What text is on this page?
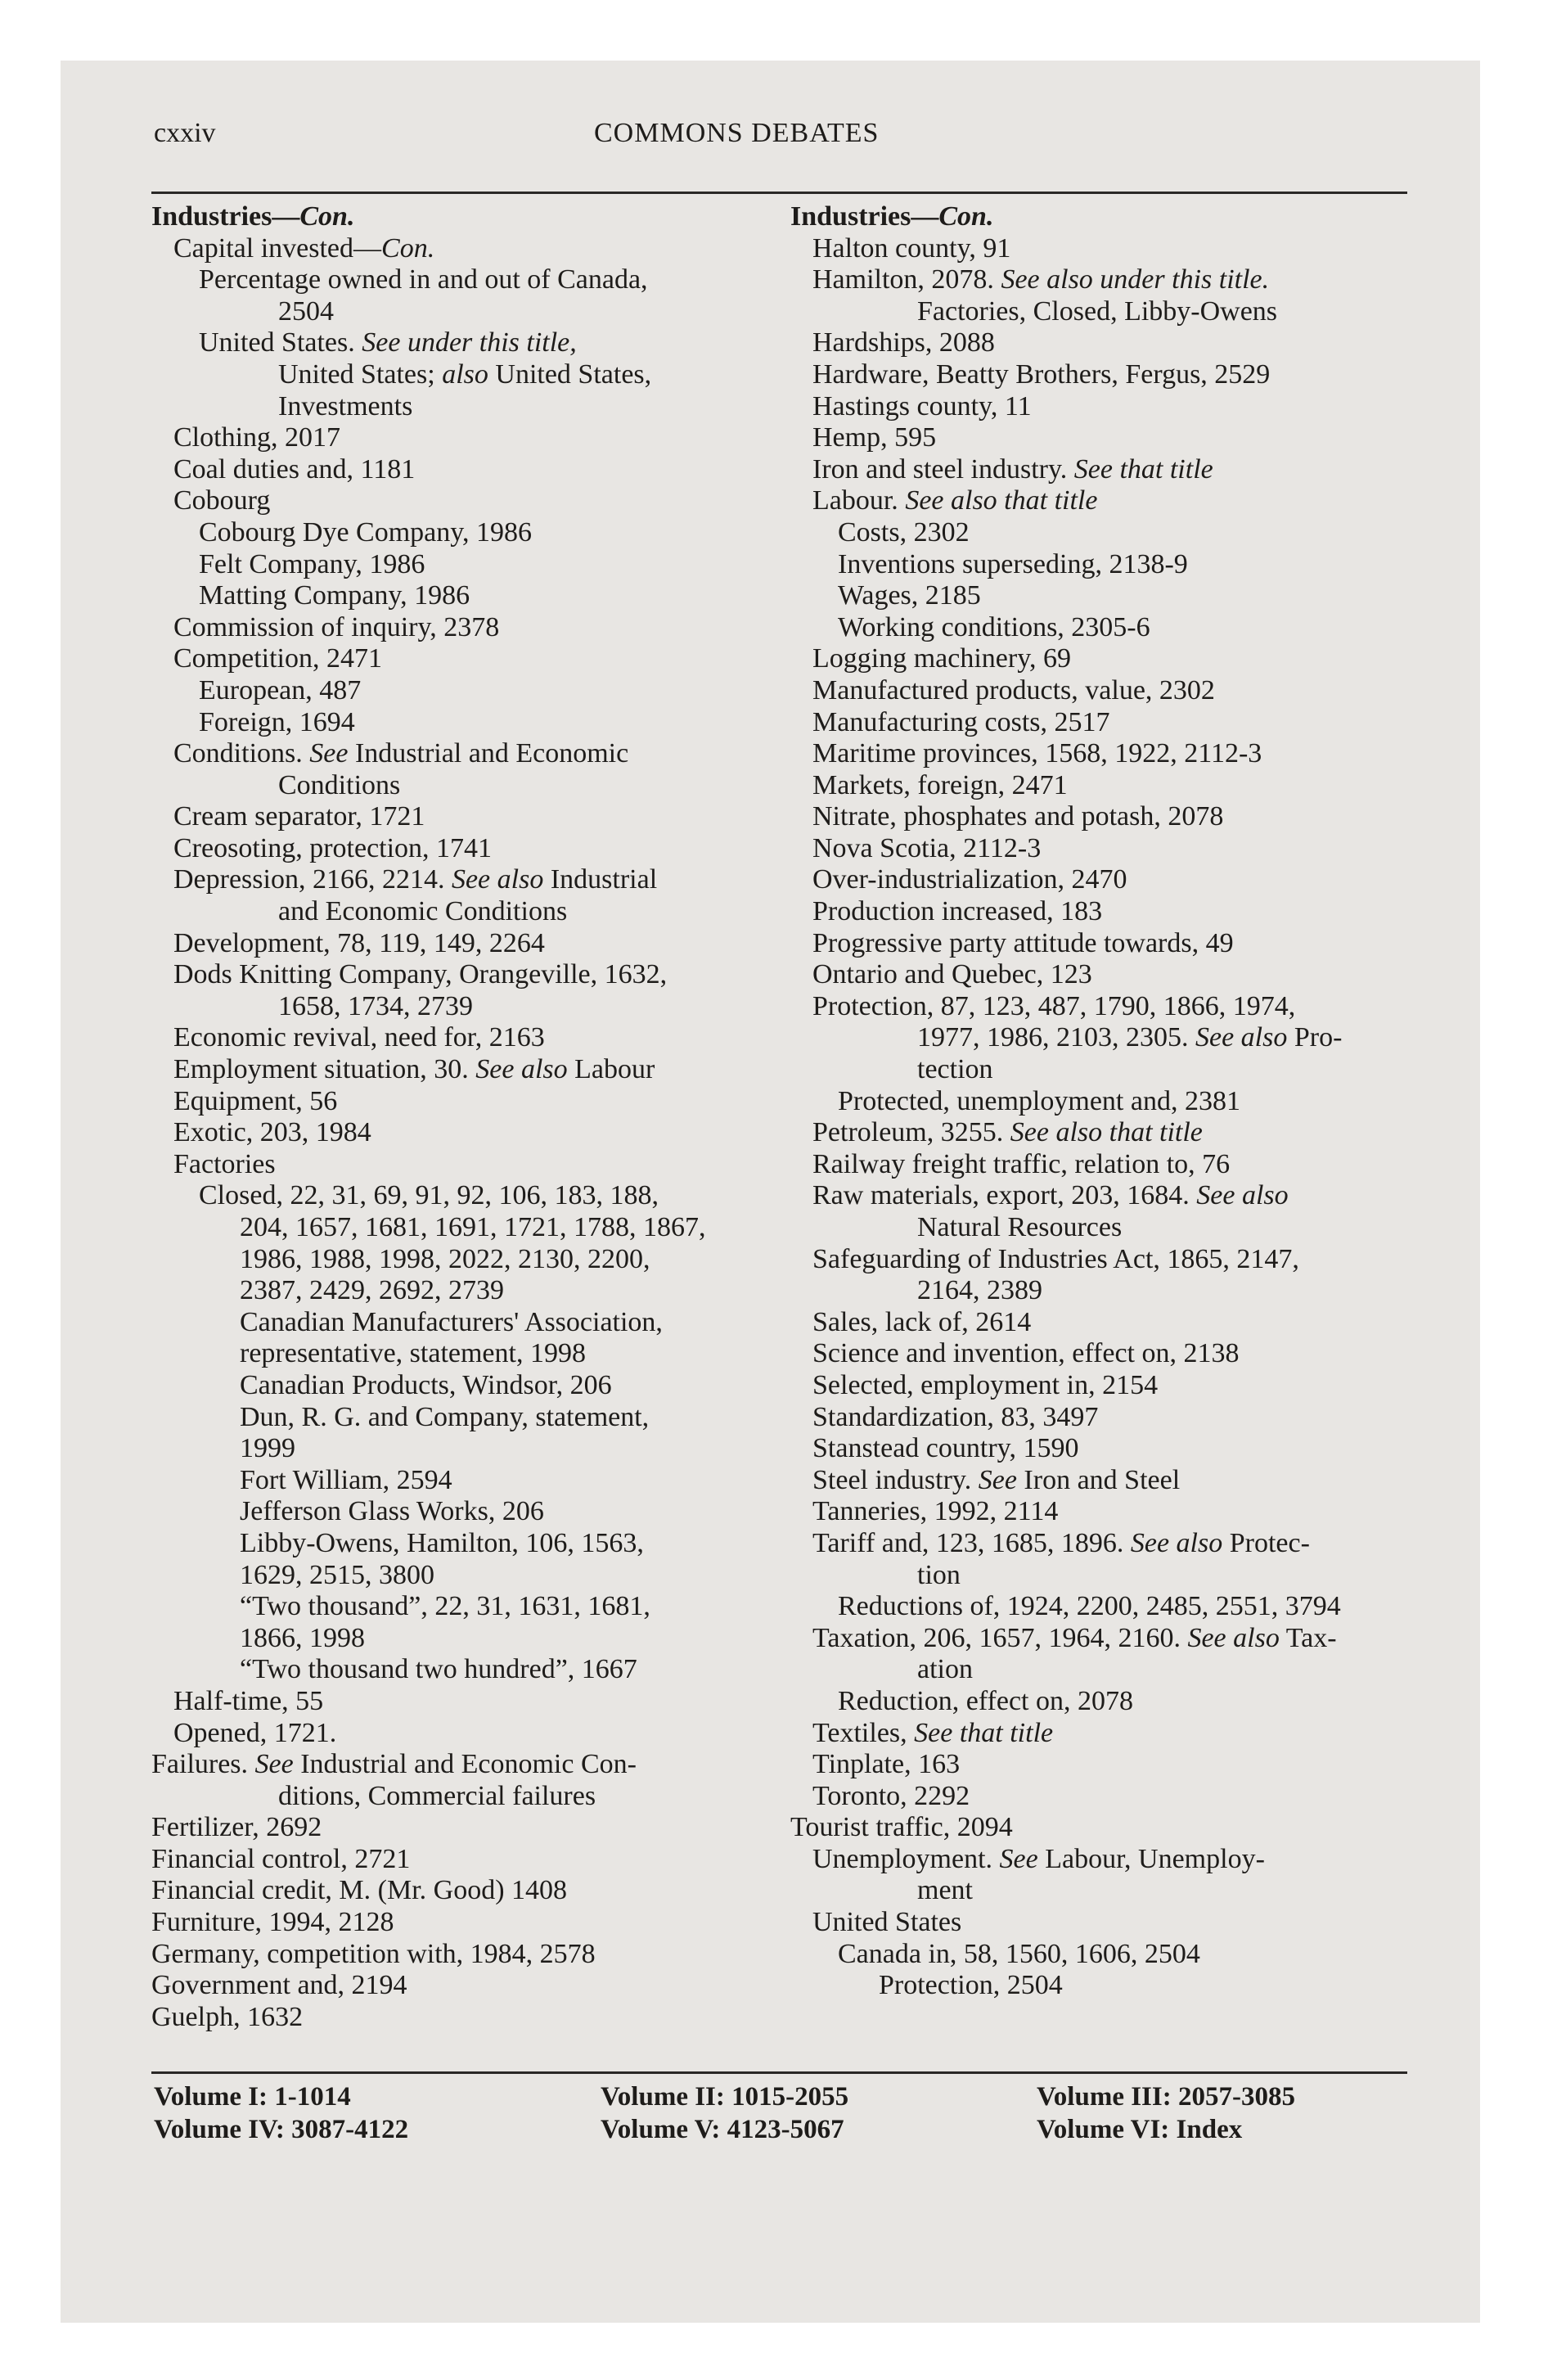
cxxiv	COMMONS DEBATES
Industries—Con.
Capital invested—Con.
Percentage owned in and out of Canada,
2504
United States. See under this title,
United States; also United States,
Investments
Clothing, 2017
Coal duties and, 1181
Cobourg
Cobourg Dye Company, 1986
Felt Company, 1986
Matting Company, 1986
Commission of inquiry, 2378
Competition, 2471
European, 487
Foreign, 1694
Conditions. See Industrial and Economic
Conditions
Cream separator, 1721
Creosoting, protection, 1741
Depression, 2166, 2214. See also Industrial
and Economic Conditions
Development, 78, 119, 149, 2264
Dods Knitting Company, Orangeville, 1632,
1658, 1734, 2739
Economic revival, need for, 2163
Employment situation, 30. See also Labour
Equipment, 56
Exotic, 203, 1984
Factories
Closed, 22, 31, 69, 91, 92, 106, 183, 188,
204, 1657, 1681, 1691, 1721, 1788, 1867,
1986, 1988, 1998, 2022, 2130, 2200,
2387, 2429, 2692, 2739
Canadian Manufacturers' Association,
representative, statement, 1998
Canadian Products, Windsor, 206
Dun, R. G. and Company, statement,
1999
Fort William, 2594
Jefferson Glass Works, 206
Libby-Owens, Hamilton, 106, 1563,
1629, 2515, 3800
“Two thousand”, 22, 31, 1631, 1681,
1866, 1998
“Two thousand two hundred”, 1667
Half-time, 55
Opened, 1721.
Failures. See Industrial and Economic Con-
ditions, Commercial failures
Fertilizer, 2692
Financial control, 2721
Financial credit, M. (Mr. Good) 1408
Furniture, 1994, 2128
Germany, competition with, 1984, 2578
Government and, 2194
Guelph, 1632
Industries—Con.
Halton county, 91
Hamilton, 2078. See also under this title.
Factories, Closed, Libby-Owens
Hardships, 2088
Hardware, Beatty Brothers, Fergus, 2529
Hastings county, 11
Hemp, 595
Iron and steel industry. See that title
Labour. See also that title
Costs, 2302
Inventions superseding, 2138-9
Wages, 2185
Working conditions, 2305-6
Logging machinery, 69
Manufactured products, value, 2302
Manufacturing costs, 2517
Maritime provinces, 1568, 1922, 2112-3
Markets, foreign, 2471
Nitrate, phosphates and potash, 2078
Nova Scotia, 2112-3
Over-industrialization, 2470
Production increased, 183
Progressive party attitude towards, 49
Ontario and Quebec, 123
Protection, 87, 123, 487, 1790, 1866, 1974,
1977, 1986, 2103, 2305. See also Pro-
tection
Protected, unemployment and, 2381
Petroleum, 3255. See also that title
Railway freight traffic, relation to, 76
Raw materials, export, 203, 1684. See also
Natural Resources
Safeguarding of Industries Act, 1865, 2147,
2164, 2389
Sales, lack of, 2614
Science and invention, effect on, 2138
Selected, employment in, 2154
Standardization, 83, 3497
Stanstead country, 1590
Steel industry. See Iron and Steel
Tanneries, 1992, 2114
Tariff and, 123, 1685, 1896. See also Protec-
tion
Reductions of, 1924, 2200, 2485, 2551, 3794
Taxation, 206, 1657, 1964, 2160. See also Tax-
ation
Reduction, effect on, 2078
Textiles, See that title
Tinplate, 163
Toronto, 2292
Tourist traffic, 2094
Unemployment. See Labour, Unemploy-
ment
United States
Canada in, 58, 1560, 1606, 2504
Protection, 2504
Volume I: 1-1014
Volume IV: 3087-4122
Volume II: 1015-2055
Volume V: 4123-5067
Volume III: 2057-3085
Volume VI: Index
